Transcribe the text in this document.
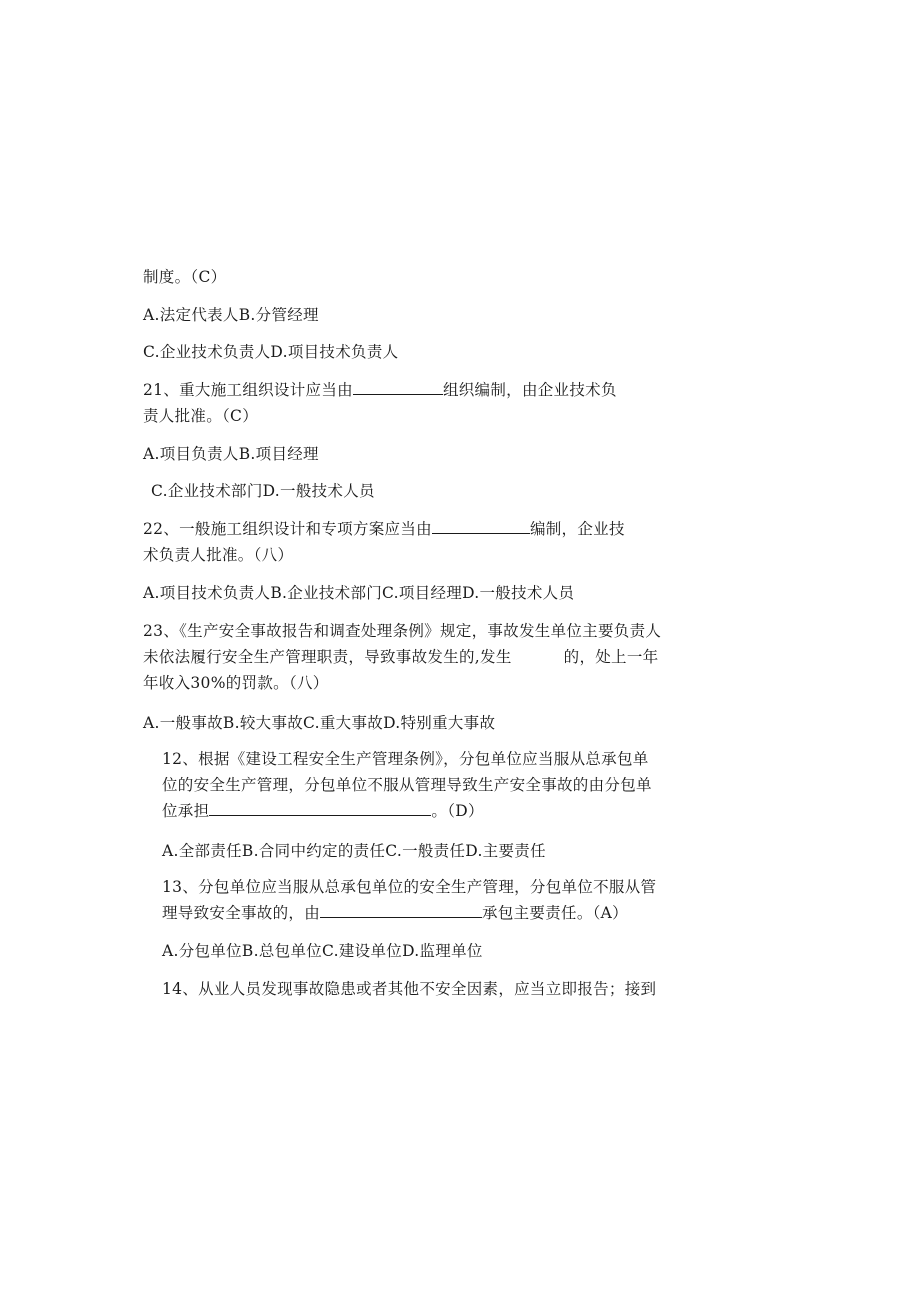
制度。（C）

A.法定代表人B.分管经理

C.企业技术负责人D.项目技术负责人

21、重大施工组织设计应当由	组织编制，由企业技术负

责人批准。（C）

A.项目负责人B.项目经理

C.企业技术部门D.一般技术人员

22、一般施工组织设计和专项方案应当由	编制，企业技

术负责人批准。（八）

A.项目技术负责人B.企业技术部门C.项目经理D.一般技术人员

23、《生产安全事故报告和调查处理条例》规定，事故发生单位主要负责人

未依法履行安全生产管理职责，导致事故发生的,发生	的，处上一年

年收入30%的罚款。（八）

A.一般事故B.较大事故C.重大事故D.特别重大事故

12、根据《建设工程安全生产管理条例》，分包单位应当服从总承包单

位的安全生产管理，分包单位不服从管理导致生产安全事故的由分包单

位承担	。（D）

A.全部责任B.合同中约定的责任C.一般责任D.主要责任

13、分包单位应当服从总承包单位的安全生产管理，分包单位不服从管

理导致安全事故的，由	承包主要责任。（A）

A.分包单位B.总包单位C.建设单位D.监理单位

14、从业人员发现事故隐患或者其他不安全因素，应当立即报告；接到
